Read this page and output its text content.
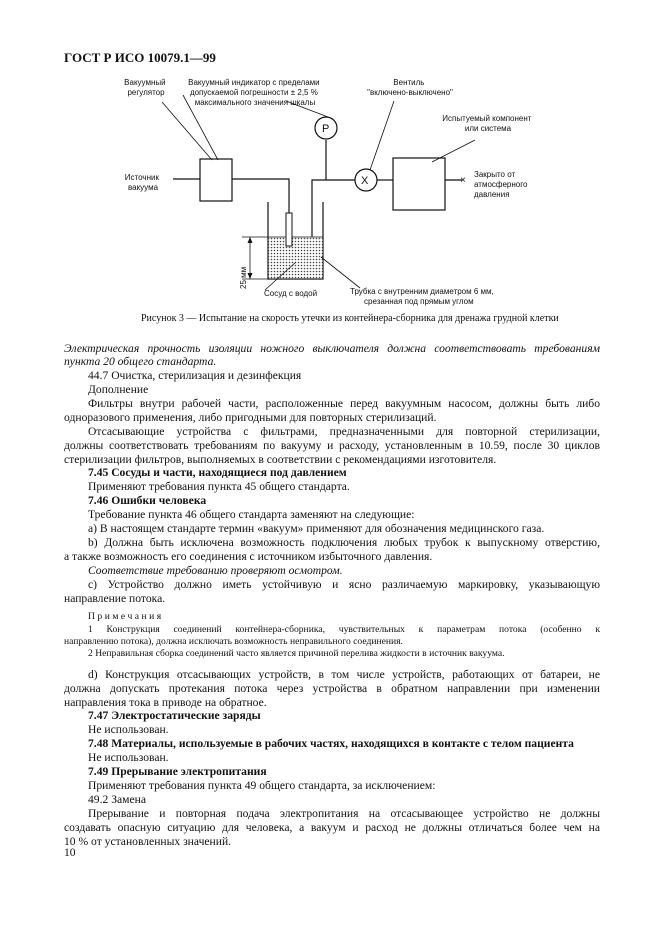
ГОСТ Р ИСО 10079.1—99
P
X	×
25 мм
Вакуумный регулятор
Вакуумный индикатор с пределами допускаемой погрешности ± 2,5 % максимального значения шкалы
Вентиль "включено-выключено"
Испытуемый компонент или система
Источник вакуума
Закрыто от атмосферного давления
Сосуд с водой	Трубка с внутренним диаметром 6 мм, срезанная под прямым углом
Рисунок 3 — Испытание на скорость утечки из контейнера-сборника для дренажа грудной клетки
Электрическая прочность изоляции ножного выключателя должна соответствовать требованиям
пункта 20 общего стандарта.
44.7 Очистка, стерилизация и дезинфекция
Дополнение
Фильтры внутри рабочей части, расположенные перед вакуумным насосом, должны быть либо
одноразового применения, либо пригодными для повторных стерилизаций.
Отсасывающие устройства с фильтрами, предназначенными для повторной стерилизации,
должны соответствовать требованиям по вакууму и расходу, установленным в 10.59, после 30 циклов
стерилизации фильтров, выполняемых в соответствии с рекомендациями изготовителя.
7.45 Сосуды и части, находящиеся под давлением
Применяют требования пункта 45 общего стандарта.
7.46 Ошибки человека
Требование пункта 46 общего стандарта заменяют на следующие:
a) В настоящем стандарте термин «вакуум» применяют для обозначения медицинского газа.
b) Должна быть исключена возможность подключения любых трубок к выпускному отверстию,
а также возможность его соединения с источником избыточного давления.
Соответствие требованию проверяют осмотром.
c) Устройство должно иметь устойчивую и ясно различаемую маркировку, указывающую
направление потока.
Примечания
1 Конструкция соединений контейнера-сборника, чувствительных к параметрам потока (особенно к
направлению потока), должна исключать возможность неправильного соединения.
2 Неправильная сборка соединений часто является причиной перелива жидкости в источник вакуума.
d) Конструкция отсасывающих устройств, в том числе устройств, работающих от батареи, не
должна допускать протекания потока через устройства в обратном направлении при изменении
направления тока в приводе на обратное.
7.47 Электростатические заряды
Не использован.
7.48 Материалы, используемые в рабочих частях, находящихся в контакте с телом пациента
Не использован.
7.49 Прерывание электропитания
Применяют требования пункта 49 общего стандарта, за исключением:
49.2 Замена
Прерывание и повторная подача электропитания на отсасывающее устройство не должны
создавать опасную ситуацию для человека, а вакуум и расход не должны отличаться более чем на
10 % от установленных значений.
10
